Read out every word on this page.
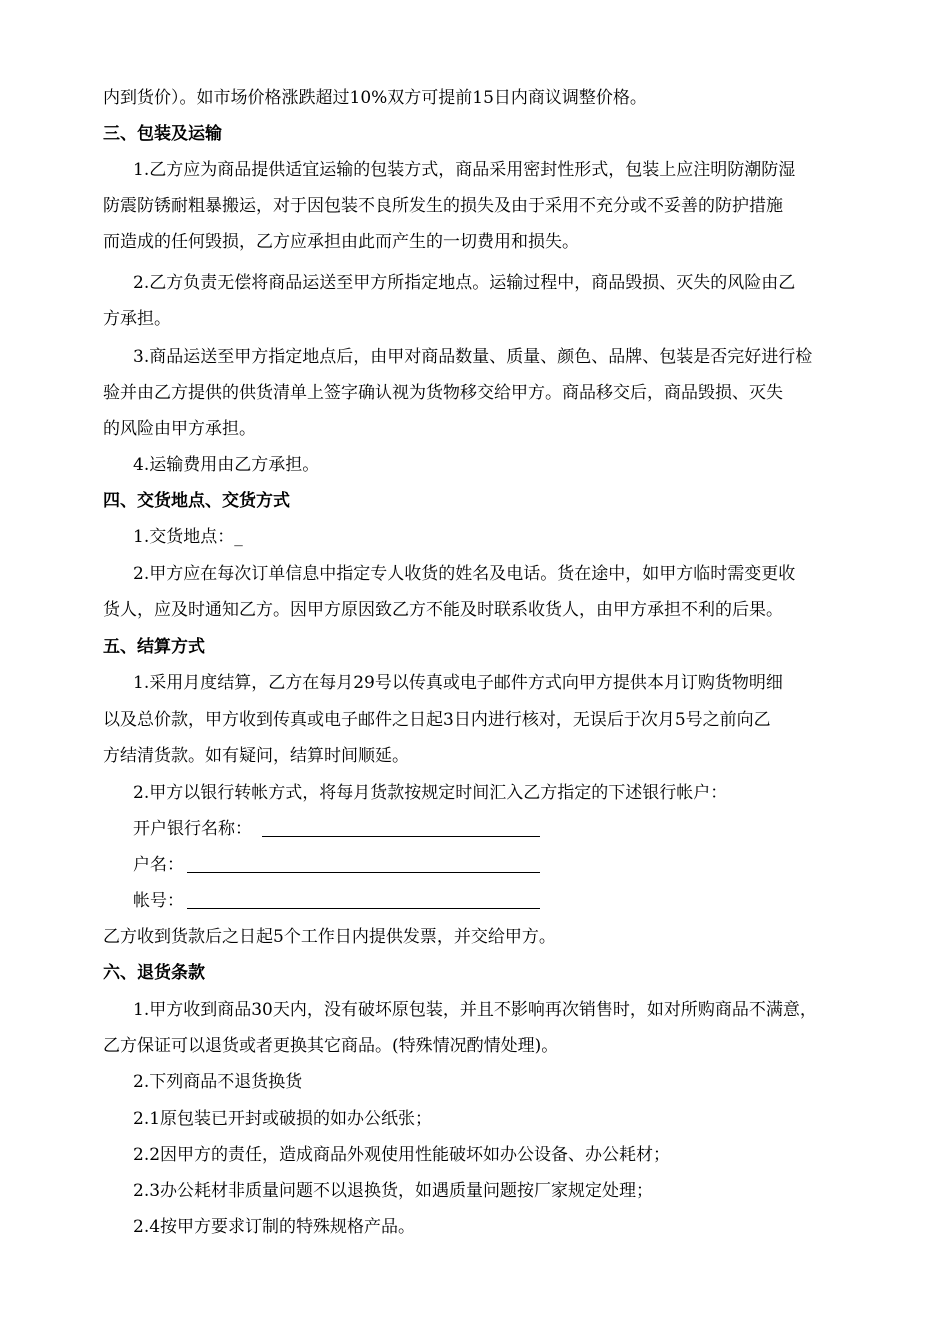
内到货价）。如市场价格涨跌超过10%双方可提前15日内商议调整价格。
三、包装及运输
1.乙方应为商品提供适宜运输的包装方式，商品采用密封性形式，包装上应注明防潮防湿
防震防锈耐粗暴搬运，对于因包装不良所发生的损失及由于采用不充分或不妥善的防护措施
而造成的任何毁损，乙方应承担由此而产生的一切费用和损失。
2.乙方负责无偿将商品运送至甲方所指定地点。运输过程中，商品毁损、灭失的风险由乙
方承担。
3.商品运送至甲方指定地点后，由甲对商品数量、质量、颜色、品牌、包装是否完好进行检
验并由乙方提供的供货清单上签字确认视为货物移交给甲方。商品移交后，商品毁损、灭失
的风险由甲方承担。
4.运输费用由乙方承担。
四、交货地点、交货方式
1.交货地点：_
2.甲方应在每次订单信息中指定专人收货的姓名及电话。货在途中，如甲方临时需变更收
货人，应及时通知乙方。因甲方原因致乙方不能及时联系收货人，由甲方承担不利的后果。
五、结算方式
1.采用月度结算，乙方在每月29号以传真或电子邮件方式向甲方提供本月订购货物明细
以及总价款，甲方收到传真或电子邮件之日起3日内进行核对，无误后于次月5号之前向乙
方结清货款。如有疑问，结算时间顺延。
2.甲方以银行转帐方式，将每月货款按规定时间汇入乙方指定的下述银行帐户：
开户银行名称：
户名：
帐号：
乙方收到货款后之日起5个工作日内提供发票，并交给甲方。
六、退货条款
1.甲方收到商品30天内，没有破坏原包装，并且不影响再次销售时，如对所购商品不满意，
乙方保证可以退货或者更换其它商品。(特殊情况酌情处理)。
2.下列商品不退货换货
2.1原包装已开封或破损的如办公纸张；
2.2因甲方的责任，造成商品外观使用性能破坏如办公设备、办公耗材；
2.3办公耗材非质量问题不以退换货，如遇质量问题按厂家规定处理；
2.4按甲方要求订制的特殊规格产品。
